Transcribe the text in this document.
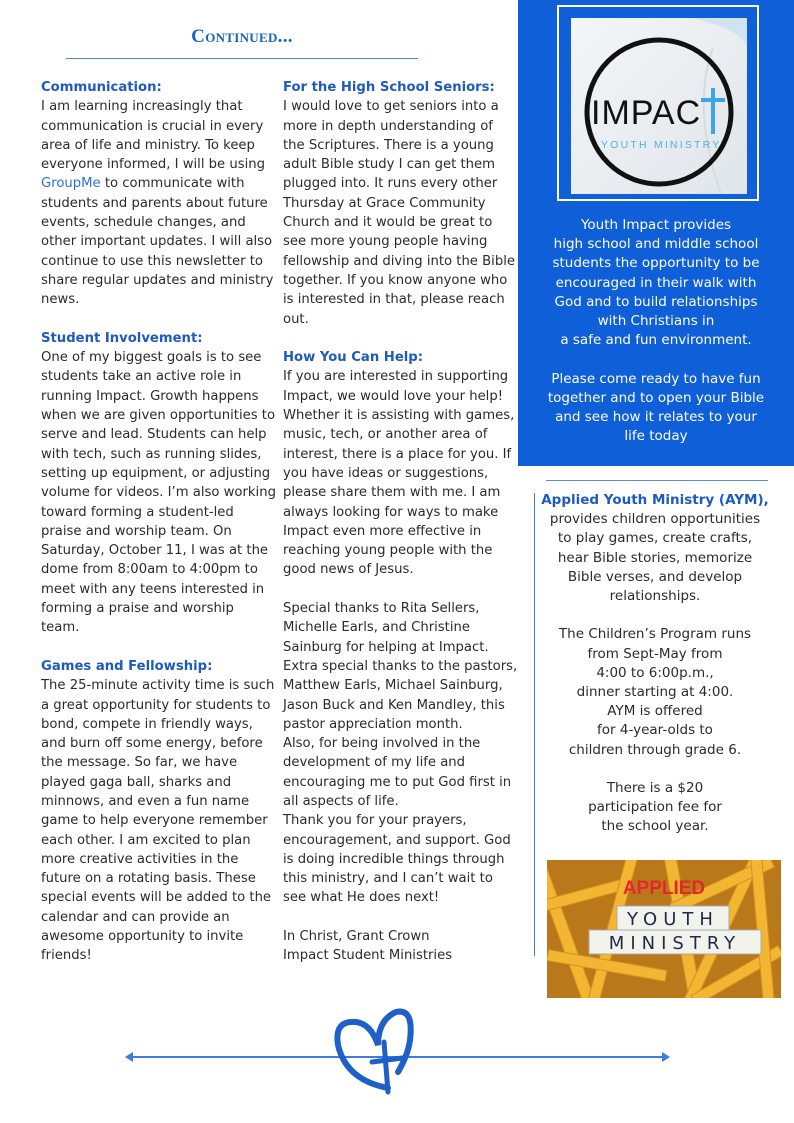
Continued...
Communication:
I am learning increasingly that communication is crucial in every area of life and ministry. To keep everyone informed, I will be using GroupMe to communicate with students and parents about future events, schedule changes, and other important updates. I will also continue to use this newsletter to share regular updates and ministry news.
Student Involvement:
One of my biggest goals is to see students take an active role in running Impact. Growth happens when we are given opportunities to serve and lead. Students can help with tech, such as running slides, setting up equipment, or adjusting volume for videos. I’m also working toward forming a student-led praise and worship team. On Saturday, October 11, I was at the dome from 8:00am to 4:00pm to meet with any teens interested in forming a praise and worship team.
Games and Fellowship:
The 25-minute activity time is such a great opportunity for students to bond, compete in friendly ways, and burn off some energy, before the message. So far, we have played gaga ball, sharks and minnows, and even a fun name game to help everyone remember each other. I am excited to plan more creative activities in the future on a rotating basis. These special events will be added to the calendar and can provide an awesome opportunity to invite friends!
For the High School Seniors:
I would love to get seniors into a more in depth understanding of the Scriptures. There is a young adult Bible study I can get them plugged into. It runs every other Thursday at Grace Community Church and it would be great to see more young people having fellowship and diving into the Bible together. If you know anyone who is interested in that, please reach out.
How You Can Help:
If you are interested in supporting Impact, we would love your help! Whether it is assisting with games, music, tech, or another area of interest, there is a place for you. If you have ideas or suggestions, please share them with me. I am always looking for ways to make Impact even more effective in reaching young people with the good news of Jesus.
Special thanks to Rita Sellers, Michelle Earls, and Christine Sainburg for helping at Impact. Extra special thanks to the pastors, Matthew Earls, Michael Sainburg, Jason Buck and Ken Mandley, this pastor appreciation month.
Also, for being involved in the development of my life and encouraging me to put God first in all aspects of life.
Thank you for your prayers, encouragement, and support. God is doing incredible things through this ministry, and I can’t wait to see what He does next!
In Christ, Grant Crown
Impact Student Ministries
IMPAC
YOUTH MINISTRY
Youth Impact provides
high school and middle school
students the opportunity to be
encouraged in their walk with
God and to build relationships
with Christians in
a safe and fun environment.

Please come ready to have fun
together and to open your Bible
and see how it relates to your
life today
Applied Youth Ministry (AYM),
provides children opportunities
to play games, create crafts,
hear Bible stories, memorize
Bible verses, and develop
relationships.

The Children’s Program runs
from Sept-May from
4:00 to 6:00p.m.,
dinner starting at 4:00.
AYM is offered
for 4-year-olds to
children through grade 6.

There is a $20
participation fee for
the school year.
APPLIED
YOUTH
MINISTRY
